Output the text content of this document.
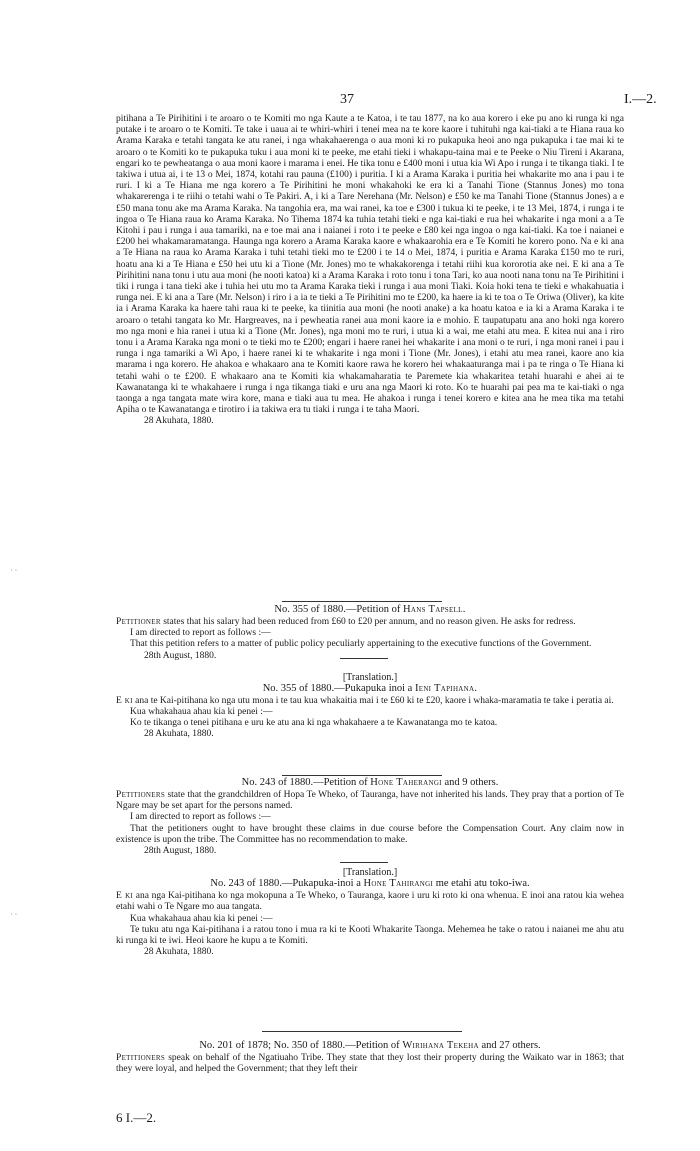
37	I.—2.

pitihana a Te Pirihitini i te aroaro o te Komiti mo nga Kaute a te Katoa, i te tau 1877, na ko aua korero i eke pu ano ki runga ki nga putake i te aroaro o te Komiti. Te take i uaua ai te whiri-whiri i tenei mea na te kore kaore i tuhituhi nga kai-tiaki a te Hiana raua ko Arama Karaka e tetahi tangata ke atu ranei, i nga whakahaerenga o aua moni ki ro pukapuka heoi ano nga pukapuka i tae mai ki te aroaro o te Komiti ko te pukapuka tuku i aua moni ki te peeke, me etahi tieki i whakapu-taina mai e te Peeke o Niu Tireni i Akarana, engari ko te pewheatanga o aua moni kaore i marama i enei. He tika tonu e £400 moni i utua kia Wi Apo i runga i te tikanga tiaki. I te takiwa i utua ai, i te 13 o Mei, 1874, kotahi rau pauna (£100) i puritia. I ki a Arama Karaka i puritia hei whakarite mo ana i pau i te ruri. I ki a Te Hiana me nga korero a Te Pirihitini he moni whakahoki ke era ki a Tanahi Tione (Stannus Jones) mo tona whakarerenga i te riihi o tetahi wahi o Te Pakiri. A, i ki a Tare Nerehana (Mr. Nelson) e £50 ke ma Tanahi Tione (Stannus Jones) a e £50 mana tonu ake ma Arama Karaka. Na tangohia era, ma wai ranei, ka toe e £300 i tukua ki te peeke, i te 13 Mei, 1874, i runga i te ingoa o Te Hiana raua ko Arama Karaka. No Tihema 1874 ka tuhia tetahi tieki e nga kai-tiaki e rua hei whakarite i nga moni a a Te Kitohi i pau i runga i aua tamariki, na e toe mai ana i naianei i roto i te peeke e £80 kei nga ingoa o nga kai-tiaki. Ka toe i naianei e £200 hei whakamaramatanga. Haunga nga korero a Arama Karaka kaore e whakaarohia era e Te Komiti he korero pono. Na e ki ana a Te Hiana na raua ko Arama Karaka i tuhi tetahi tieki mo te £200 i te 14 o Mei, 1874, i puritia e Arama Karaka £150 mo te ruri, hoatu ana ki a Te Hiana e £50 hei utu ki a Tione (Mr. Jones) mo te whakakorenga i tetahi riihi kua kororotia ake nei. E ki ana a Te Pirihitini nana tonu i utu aua moni (he nooti katoa) ki a Arama Karaka i roto tonu i tona Tari, ko aua nooti nana tonu na Te Pirihitini i tiki i runga i tana tieki ake i tuhia hei utu mo ta Arama Karaka tieki i runga i aua moni Tiaki. Koia hoki tena te tieki e whakahuatia i runga nei. E ki ana a Tare (Mr. Nelson) i riro i a ia te tieki a Te Pirihitini mo te £200, ka haere ia ki te toa o Te Oriwa (Oliver), ka kite ia i Arama Karaka ka haere tahi raua ki te peeke, ka tiinitia aua moni (he nooti anake) a ka hoatu katoa e ia ki a Arama Karaka i te aroaro o tetahi tangata ko Mr. Hargreaves, na i pewheatia ranei aua moni kaore ia e mohio. E taupatupatu ana ano hoki nga korero mo nga moni e hia ranei i utua ki a Tione (Mr. Jones), nga moni mo te ruri, i utua ki a wai, me etahi atu mea. E kitea nui ana i riro tonu i a Arama Karaka nga moni o te tieki mo te £200; engari i haere ranei hei whakarite i ana moni o te ruri, i nga moni ranei i pau i runga i nga tamariki a Wi Apo, i haere ranei ki te whakarite i nga moni i Tione (Mr. Jones), i etahi atu mea ranei, kaore ano kia marama i nga korero. He ahakoa e whakaaro ana te Komiti kaore rawa he korero hei whakaaturanga mai i pa te ringa o Te Hiana ki tetahi wahi o te £200. E whakaaro ana te Komiti kia whakamaharatia te Paremete kia whakaritea tetahi huarahi e ahei ai te Kawanatanga ki te whakahaere i runga i nga tikanga tiaki e uru ana nga Maori ki roto. Ko te huarahi pai pea ma te kai-tiaki o nga taonga a nga tangata mate wira kore, mana e tiaki aua tu mea. He ahakoa i runga i tenei korero e kitea ana he mea tika ma tetahi Apiha o te Kawanatanga e tirotiro i ia takiwa era tu tiaki i runga i te taha Maori.

28 Akuhata, 1880.

No. 355 of 1880.—Petition of Hans Tapsell.

Petitioner states that his salary had been reduced from £60 to £20 per annum, and no reason given. He asks for redress.

I am directed to report as follows :—

That this petition refers to a matter of public policy peculiarly appertaining to the executive functions of the Government.

28th August, 1880.

[Translation.]

No. 355 of 1880.—Pukapuka inoi a Ieni Tapihana.

E ki ana te Kai-pitihana ko nga utu mona i te tau kua whakaitia mai i te £60 ki te £20, kaore i whaka-maramatia te take i peratia ai.

Kua whakahaua ahau kia ki penei :—

Ko te tikanga o tenei pitihana e uru ke atu ana ki nga whakahaere a te Kawanatanga mo te katoa.

28 Akuhata, 1880.

No. 243 of 1880.—Petition of Hone Taherangi and 9 others.

Petitioners state that the grandchildren of Hopa Te Wheko, of Tauranga, have not inherited his lands. They pray that a portion of Te Ngare may be set apart for the persons named.

I am directed to report as follows :—

That the petitioners ought to have brought these claims in due course before the Compensation Court. Any claim now in existence is upon the tribe. The Committee has no recommendation to make.

28th August, 1880.

[Translation.]

No. 243 of 1880.—Pukapuka-inoi a Hone Tahirangi me etahi atu toko-iwa.

E ki ana nga Kai-pitihana ko nga mokopuna a Te Wheko, o Tauranga, kaore i uru ki roto ki ona whenua. E inoi ana ratou kia wehea etahi wahi o Te Ngare mo aua tangata.

Kua whakahaua ahau kia ki penei :—

Te tuku atu nga Kai-pitihana i a ratou tono i mua ra ki te Kooti Whakarite Taonga. Mehemea he take o ratou i naianei me ahu atu ki runga ki te iwi. Heoi kaore he kupu a te Komiti.

28 Akuhata, 1880.

No. 201 of 1878; No. 350 of 1880.—Petition of Wirihana Tekeha and 27 others.

Petitioners speak on behalf of the Ngatiuaho Tribe. They state that they lost their property during the Waikato war in 1863; that they were loyal, and helped the Government; that they left their

6 I.—2.
· ·
· ·
